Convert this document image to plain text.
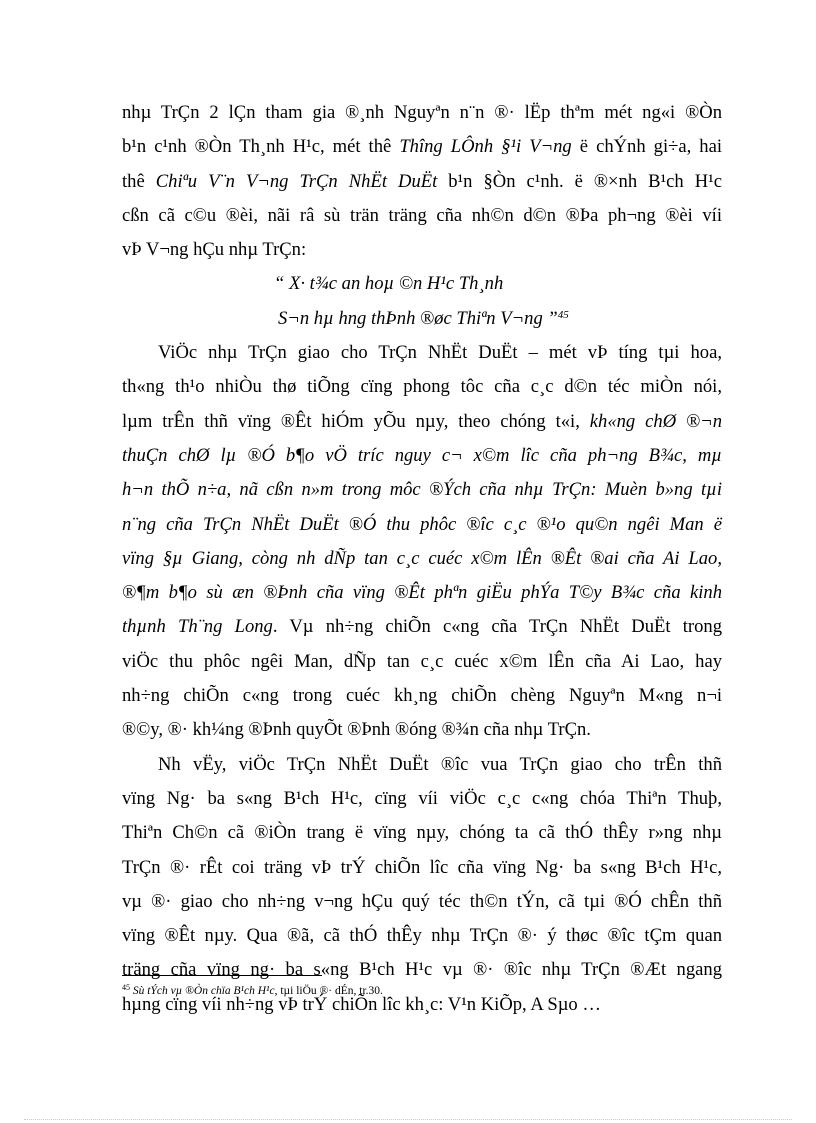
nhµ TrÇn 2 lÇn tham gia ®¸nh Nguyªn n¨n ®· lËp thªm mét ng«i ®Òn
b¹n c¹nh ®Òn Th¸nh H¹c, mét thê Thîng LÔnh §¹i V¬ng ë chÝnh gi÷a, hai
thê Chiªu V¨n V¬ng TrÇn NhËt DuËt b¹n §Òn c¹nh. ë ®×nh B¹ch H¹c
cßn cã c©u ®èi, nãi râ sù trän träng cña nh©n d©n ®Þa ph¬ng ®èi víi
vÞ V¬ng hÇu nhµ TrÇn:
“ X· t¾c an hoµ ©n H¹c Th¸nh
S¬n hµ hng thÞnh ®øc Thiªn V¬ng ”$^{45}$
ViÖc nhµ TrÇn giao cho TrÇn NhËt DuËt – mét vÞ tíng tµi hoa,
th«ng th¹o nhiÒu thø tiÕng cïng phong tôc cña c¸c d©n téc miÒn nói,
lµm trÊn thñ vïng ®Êt hiÓm yÕu nµy, theo chóng t«i, kh«ng chØ ®¬n
thuÇn chØ lµ ®Ó b¶o vÖ tríc nguy c¬ x©m lîc cña ph¬ng B¾c, mµ
h¬n thÕ n÷a, nã cßn n»m trong môc ®Ých cña nhµ TrÇn: Muèn b»ng tµi
n¨ng cña TrÇn NhËt DuËt ®Ó thu phôc ®îc c¸c ®¹o qu©n ngêi Man ë
vïng §µ Giang, còng nh dÑp tan c¸c cuéc x©m lÊn ®Êt ®ai cña Ai Lao,
®¶m b¶o sù æn ®Þnh cña vïng ®Êt phªn giËu phÝa T©y B¾c cña kinh
thµnh Th¨ng Long. Vµ nh÷ng chiÕn c«ng cña TrÇn NhËt DuËt trong
viÖc thu phôc ngêi Man, dÑp tan c¸c cuéc x©m lÊn cña Ai Lao, hay
nh÷ng chiÕn c«ng trong cuéc kh¸ng chiÕn chèng Nguyªn M«ng n¬i
®©y, ®· kh¼ng ®Þnh quyÕt ®Þnh ®óng ®¾n cña nhµ TrÇn.
Nh vËy, viÖc TrÇn NhËt DuËt ®îc vua TrÇn giao cho trÊn thñ
vïng Ng· ba s«ng B¹ch H¹c, cïng víi viÖc c¸c c«ng chóa Thiªn Thuþ,
Thiªn Ch©n cã ®iÒn trang ë vïng nµy, chóng ta cã thÓ thÊy r»ng nhµ
TrÇn ®· rÊt coi träng vÞ trÝ chiÕn lîc cña vïng Ng· ba s«ng B¹ch H¹c,
vµ ®· giao cho nh÷ng v¬ng hÇu quý téc th©n tÝn, cã tµi ®Ó chÊn thñ
vïng ®Êt nµy. Qua ®ã, cã thÓ thÊy nhµ TrÇn ®· ý thøc ®îc tÇm quan
träng cña vïng ng· ba s«ng B¹ch H¹c vµ ®· ®îc nhµ TrÇn ®Æt ngang
hµng cïng víi nh÷ng vÞ trÝ chiÕn lîc kh¸c: V¹n KiÕp, A Sµo …
$^{45}$ Sù tÝch vµ ®Òn chïa B¹ch H¹c, tµi liÖu ®· dÉn, tr.30.
